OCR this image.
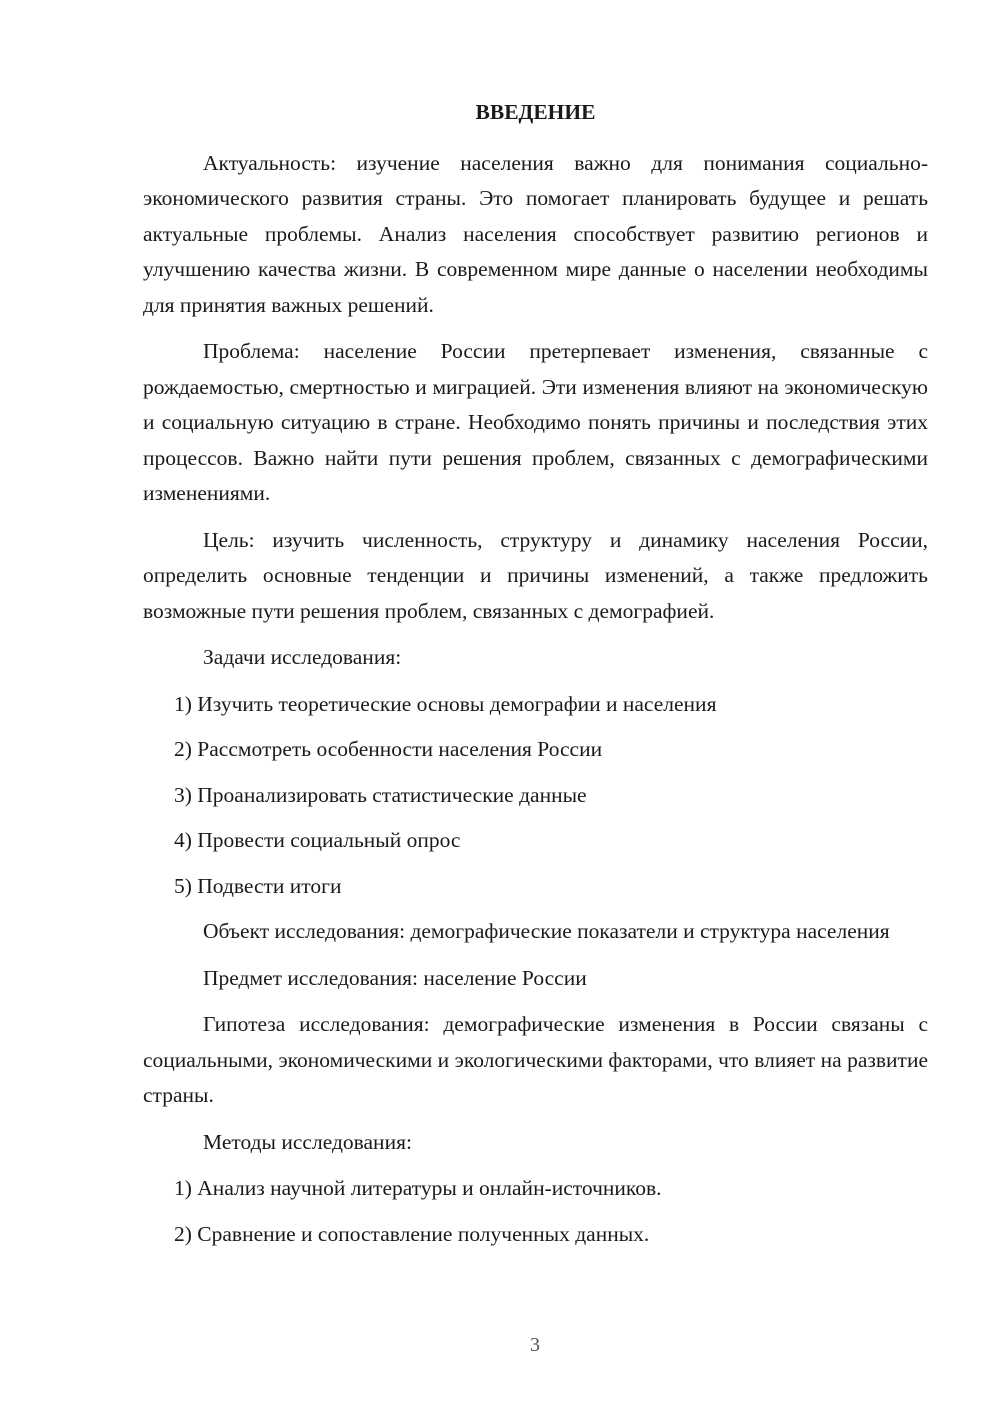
ВВЕДЕНИЕ

Актуальность: изучение населения важно для понимания социально-экономического развития страны. Это помогает планировать будущее и решать актуальные проблемы. Анализ населения способствует развитию регионов и улучшению качества жизни. В современном мире данные о населении необходимы для принятия важных решений.

Проблема: население России претерпевает изменения, связанные с рождаемостью, смертностью и миграцией. Эти изменения влияют на экономическую и социальную ситуацию в стране. Необходимо понять причины и последствия этих процессов. Важно найти пути решения проблем, связанных с демографическими изменениями.

Цель: изучить численность, структуру и динамику населения России, определить основные тенденции и причины изменений, а также предложить возможные пути решения проблем, связанных с демографией.

Задачи исследования:

1) Изучить теоретические основы демографии и населения
2) Рассмотреть особенности населения России
3) Проанализировать статистические данные
4) Провести социальный опрос
5) Подвести итоги

Объект исследования: демографические показатели и структура населения

Предмет исследования: население России

Гипотеза исследования: демографические изменения в России связаны с социальными, экономическими и экологическими факторами, что влияет на развитие страны.

Методы исследования:

1) Анализ научной литературы и онлайн-источников.
2) Сравнение и сопоставление полученных данных.
3
